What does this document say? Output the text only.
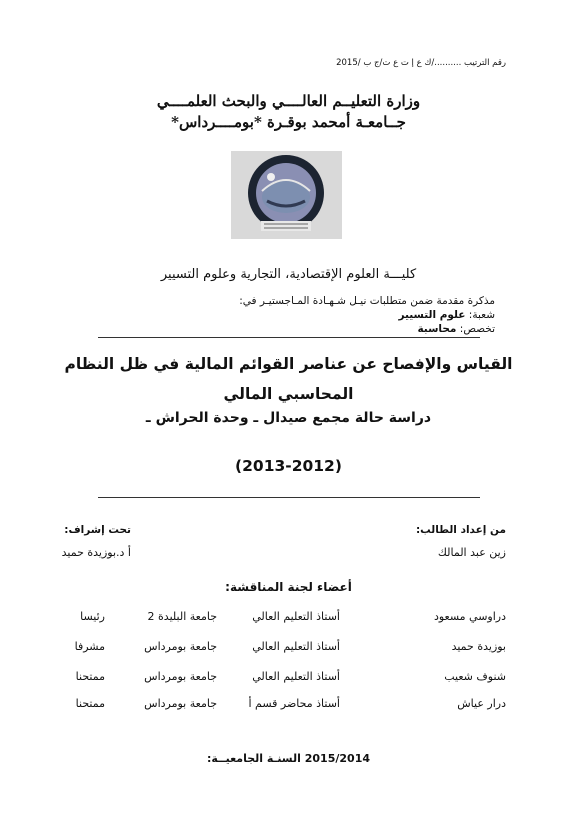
رقم الترتيب ........../ك ع إ ت ع ت/ج ب /2015
وزارة التعليــم العالــــي والبحث العلمــــي
جــامعـة أمحمد بوقـرة *بومــــرداس*
كليـــة العلوم الإقتصادية، التجارية وعلوم التسيير
مذكرة مقدمة ضمن متطلبات نيـل شـهـادة المـاجستيـر في:
شعبة: علوم التسيير
تخصص: محاسبة
القياس والإفصاح عن عناصر القوائم المالية في ظل النظام
المحاسبي المالي
دراسة حالة مجمع صيدال ـ وحدة الحراش ـ
(2013-2012)
من إعداد الطالب:
زين عبد المالك
تحت إشراف:
أ د.بوزيدة حميد
أعضاء لجنة المناقشة:
دراوسي مسعود
أستاذ التعليم العالي
جامعة البليدة 2
رئيسا
بوزيدة حميد
أستاذ التعليم العالي
جامعة بومرداس
مشرفا
شنوف شعيب
أستاذ التعليم العالي
جامعة بومرداس
ممتحنا
درار عياش
أستاذ محاضر قسم أ
جامعة بومرداس
ممتحنا
السنـة الجامعيــة: 2015/2014
